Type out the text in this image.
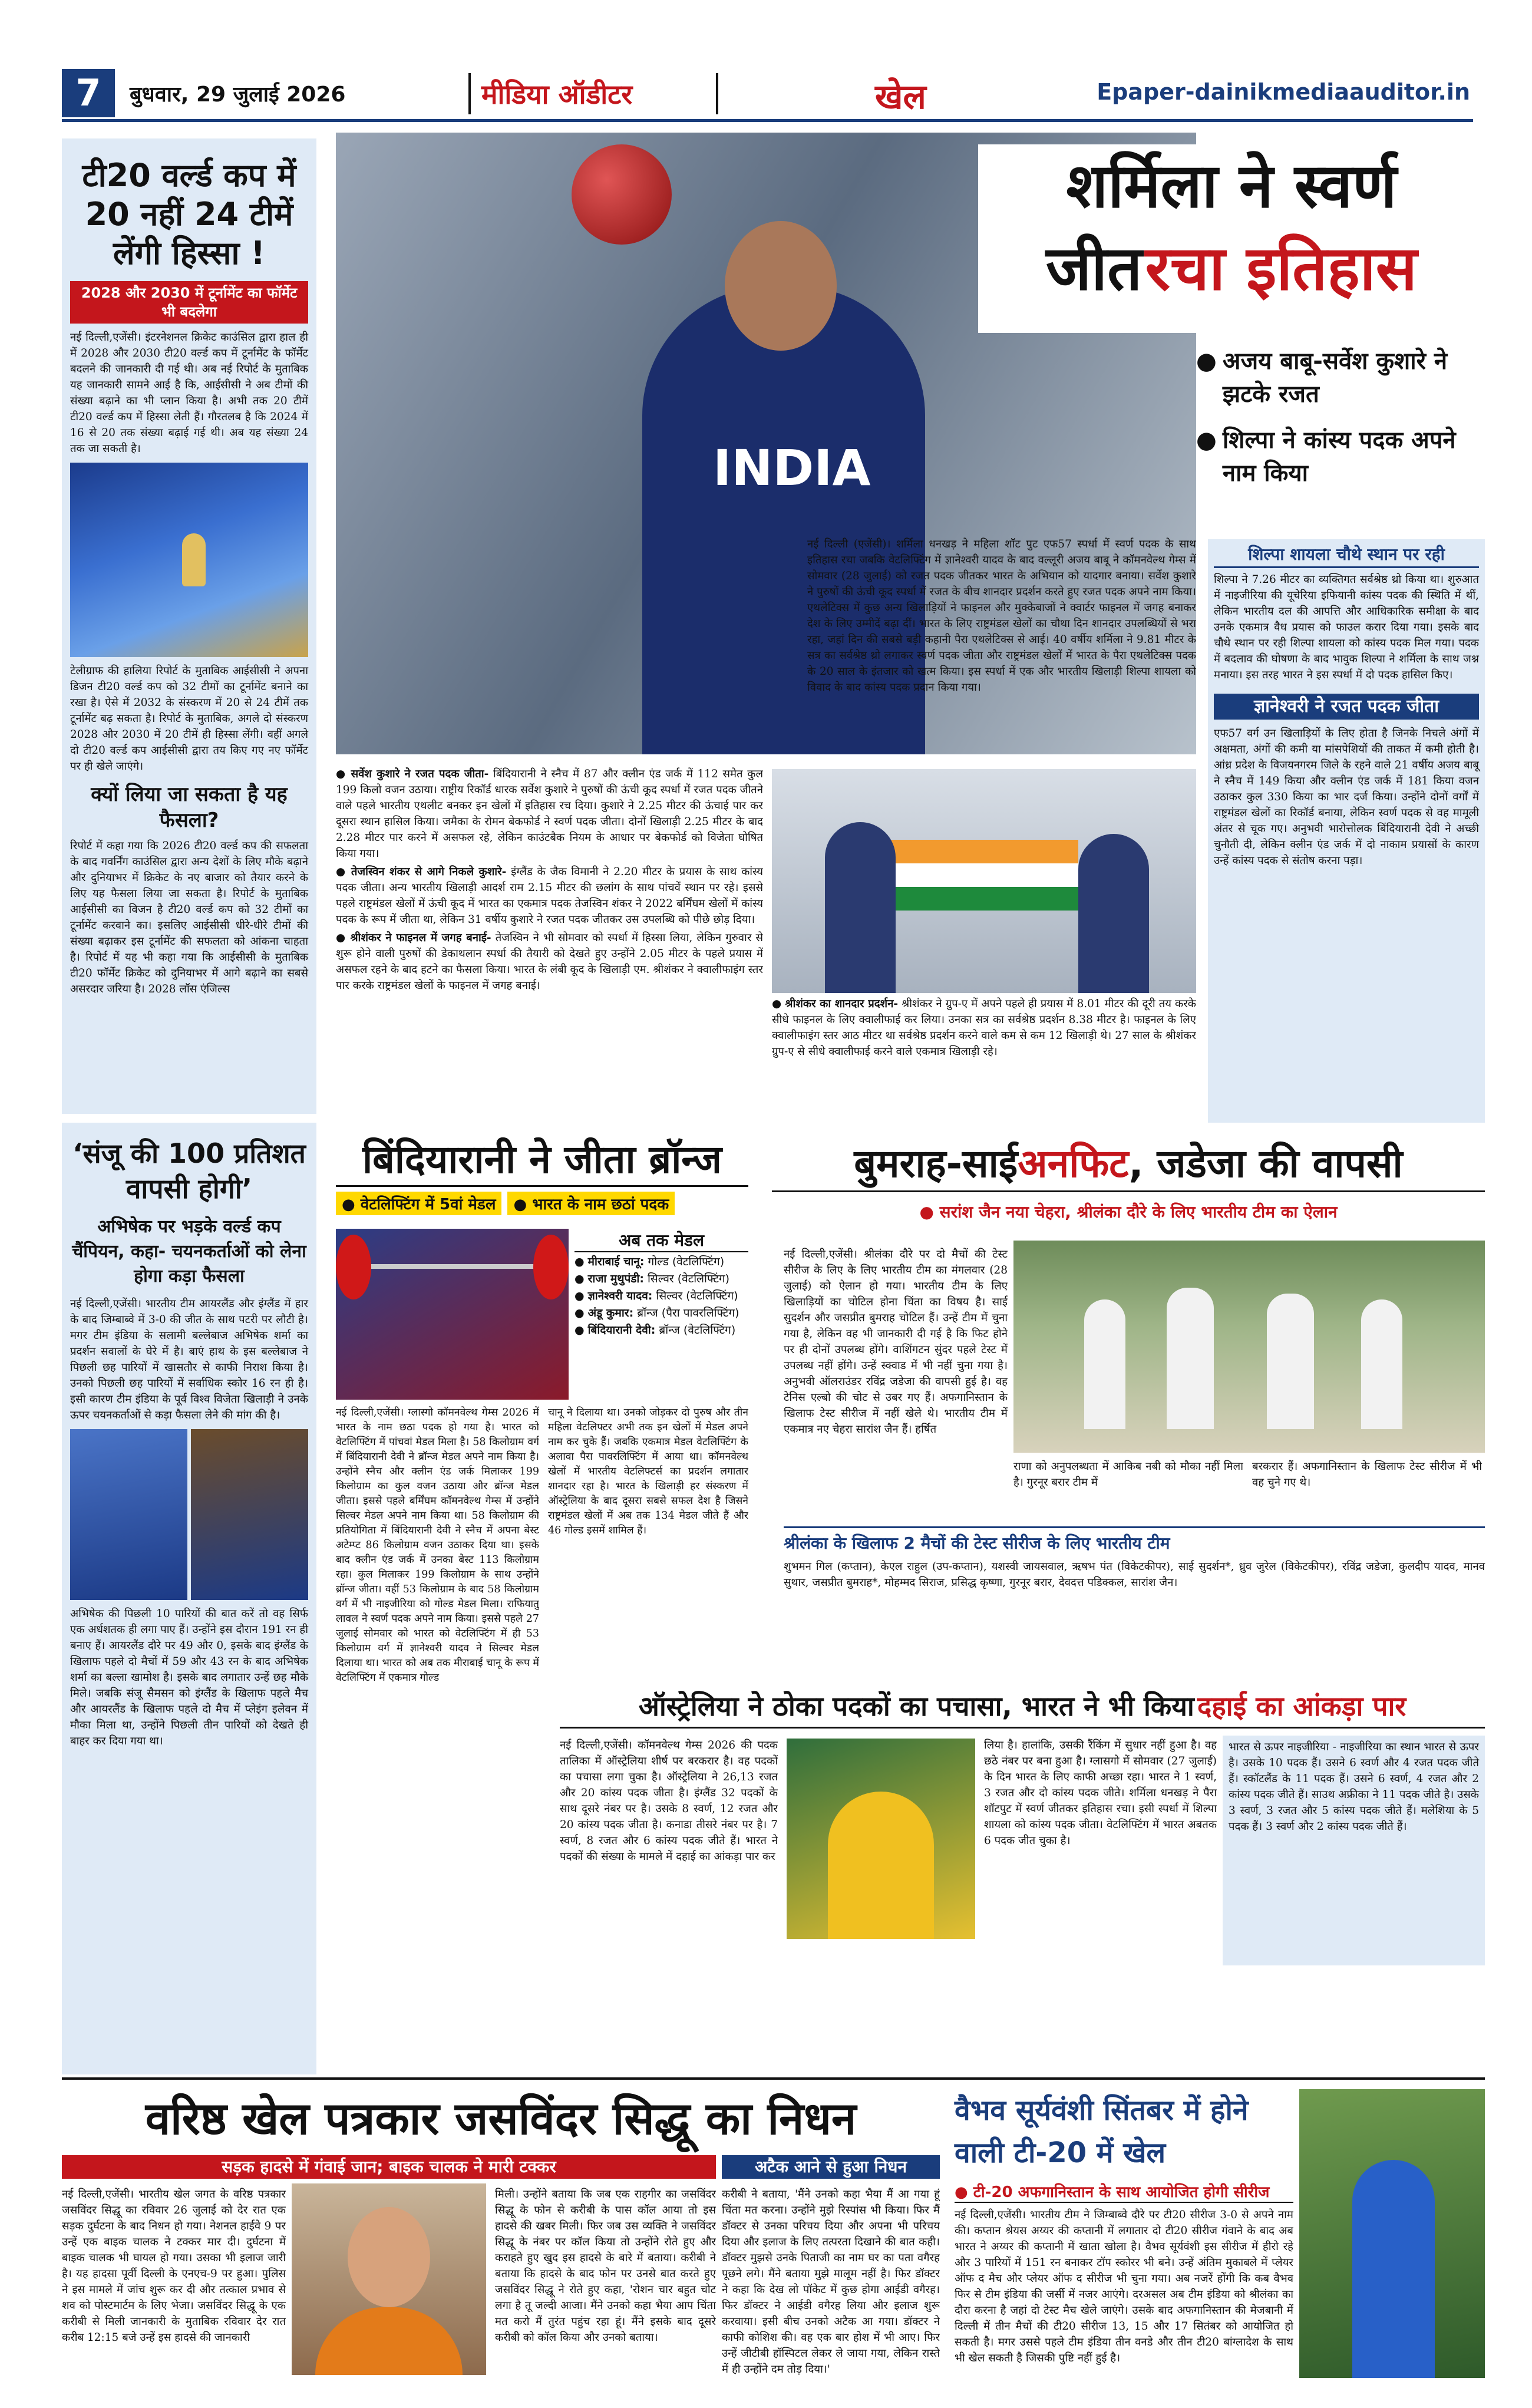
7	बुधवार, 29 जुलाई 2026	मीडिया ऑडीटर	खेल	Epaper-dainikmediaauditor.in
टी20 वर्ल्ड कप में 20 नहीं 24 टीमें लेंगी हिस्सा !
2028 और 2030 में टूर्नामेंट का फॉर्मेट भी बदलेगा
नई दिल्ली,एजेंसी। इंटरनेशनल क्रिकेट काउंसिल द्वारा हाल ही में 2028 और 2030 टी20 वर्ल्ड कप में टूर्नामेंट के फॉर्मेट बदलने की जानकारी दी गई थी। अब नई रिपोर्ट के मुताबिक यह जानकारी सामने आई है कि, आईसीसी ने अब टीमों की संख्या बढ़ाने का भी प्लान किया है। अभी तक 20 टीमें टी20 वर्ल्ड कप में हिस्सा लेती हैं। गौरतलब है कि 2024 में 16 से 20 तक संख्या बढ़ाई गई थी। अब यह संख्या 24 तक जा सकती है।
टेलीग्राफ की हालिया रिपोर्ट के मुताबिक आईसीसी ने अपना डिजन टी20 वर्ल्ड कप को 32 टीमों का टूर्नामेंट बनाने का रखा है। ऐसे में 2032 के संस्करण में 20 से 24 टीमें तक टूर्नामेंट बढ़ सकता है। रिपोर्ट के मुताबिक, अगले दो संस्करण 2028 और 2030 में 20 टीमें ही हिस्सा लेंगी। वहीं अगले दो टी20 वर्ल्ड कप आईसीसी द्वारा तय किए गए नए फॉर्मेट पर ही खेले जाएंगे।
क्यों लिया जा सकता है यह फैसला?
रिपोर्ट में कहा गया कि 2026 टी20 वर्ल्ड कप की सफलता के बाद गवर्निंग काउंसिल द्वारा अन्य देशों के लिए मौके बढ़ाने और दुनियाभर में क्रिकेट के नए बाजार को तैयार करने के लिए यह फैसला लिया जा सकता है। रिपोर्ट के मुताबिक आईसीसी का विजन है टी20 वर्ल्ड कप को 32 टीमों का टूर्नामेंट करवाने का। इसलिए आईसीसी धीरे-धीरे टीमों की संख्या बढ़ाकर इस टूर्नामेंट की सफलता को आंकना चाहता है। रिपोर्ट में यह भी कहा गया कि आईसीसी के मुताबिक टी20 फॉर्मेट क्रिकेट को दुनियाभर में आगे बढ़ाने का सबसे असरदार जरिया है। 2028 लॉस एंजिल्स
‘संजू की 100 प्रतिशत वापसी होगी’
अभिषेक पर भड़के वर्ल्ड कप चैंपियन, कहा- चयनकर्ताओं को लेना होगा कड़ा फैसला
नई दिल्ली,एजेंसी। भारतीय टीम आयरलैंड और इंग्लैंड में हार के बाद जिम्बाब्वे में 3-0 की जीत के साथ पटरी पर लौटी है। मगर टीम इंडिया के सलामी बल्लेबाज अभिषेक शर्मा का प्रदर्शन सवालों के घेरे में है। बाएं हाथ के इस बल्लेबाज ने पिछली छह पारियों में खासतौर से काफी निराश किया है। उनको पिछली छह पारियों में सर्वाधिक स्कोर 16 रन ही है। इसी कारण टीम इंडिया के पूर्व विश्व विजेता खिलाड़ी ने उनके ऊपर चयनकर्ताओं से कड़ा फैसला लेने की मांग की है।
अभिषेक की पिछली 10 पारियों की बात करें तो वह सिर्फ एक अर्धशतक ही लगा पाए हैं। उन्होंने इस दौरान 191 रन ही बनाए हैं। आयरलैंड दौरे पर 49 और 0, इसके बाद इंग्लैंड के खिलाफ पहले दो मैचों में 59 और 43 रन के बाद अभिषेक शर्मा का बल्ला खामोश है। इसके बाद लगातार उन्हें छह मौके मिले। जबकि संजू सैमसन को इंग्लैंड के खिलाफ पहले मैच और आयरलैंड के खिलाफ पहले दो मैच में प्लेइंग इलेवन में मौका मिला था, उन्होंने पिछली तीन पारियों को देखते ही बाहर कर दिया गया था।
INDIA
शर्मिला ने स्वर्ण
जीत रचा इतिहास
● अजय बाबू-सर्वेश कुशारे ने झटके रजत
● शिल्पा ने कांस्य पदक अपने नाम किया
नई दिल्ली (एजेंसी)। शर्मिला धनखड़ ने महिला शॉट पुट एफ57 स्पर्धा में स्वर्ण पदक के साथ इतिहास रचा जबकि वेटलिफ्टिंग में ज्ञानेश्वरी यादव के बाद वल्लूरी अजय बाबू ने कॉमनवेल्थ गेम्स में सोमवार (28 जुलाई) को रजत पदक जीतकर भारत के अभियान को यादगार बनाया। सर्वेश कुशारे ने पुरुषों की ऊंची कूद स्पर्धा में रजत के बीच शानदार प्रदर्शन करते हुए रजत पदक अपने नाम किया। एथलेटिक्स में कुछ अन्य खिलाड़ियों ने फाइनल और मुक्केबाजों ने क्वार्टर फाइनल में जगह बनाकर देश के लिए उम्मीदें बढ़ा दीं। भारत के लिए राष्ट्रमंडल खेलों का चौथा दिन शानदार उपलब्धियों से भरा रहा, जहां दिन की सबसे बड़ी कहानी पैरा एथलेटिक्स से आई। 40 वर्षीय शर्मिला ने 9.81 मीटर के सत्र का सर्वश्रेष्ठ थ्रो लगाकर स्वर्ण पदक जीता और राष्ट्रमंडल खेलों में भारत के पैरा एथलेटिक्स पदक के 20 साल के इंतजार को खत्म किया। इस स्पर्धा में एक और भारतीय खिलाड़ी शिल्पा शायला को विवाद के बाद कांस्य पदक प्रदान किया गया।
शिल्पा शायला चौथे स्थान पर रही
शिल्पा ने 7.26 मीटर का व्यक्तिगत सर्वश्रेष्ठ थ्रो किया था। शुरुआत में नाइजीरिया की यूचेरिया इफियानी कांस्य पदक की स्थिति में थीं, लेकिन भारतीय दल की आपत्ति और आधिकारिक समीक्षा के बाद उनके एकमात्र वैध प्रयास को फाउल करार दिया गया। इसके बाद चौथे स्थान पर रही शिल्पा शायला को कांस्य पदक मिल गया। पदक में बदलाव की घोषणा के बाद भावुक शिल्पा ने शर्मिला के साथ जश्न मनाया। इस तरह भारत ने इस स्पर्धा में दो पदक हासिल किए।
ज्ञानेश्वरी ने रजत पदक जीता
एफ57 वर्ग उन खिलाड़ियों के लिए होता है जिनके निचले अंगों में अक्षमता, अंगों की कमी या मांसपेशियों की ताकत में कमी होती है। आंध्र प्रदेश के विजयनगरम जिले के रहने वाले 21 वर्षीय अजय बाबू ने स्नैच में 149 किया और क्लीन एंड जर्क में 181 किया वजन उठाकर कुल 330 किया का भार दर्ज किया। उन्होंने दोनों वर्गों में राष्ट्रमंडल खेलों का रिकॉर्ड बनाया, लेकिन स्वर्ण पदक से वह मामूली अंतर से चूक गए। अनुभवी भारोत्तोलक बिंदियारानी देवी ने अच्छी चुनौती दी, लेकिन क्लीन एंड जर्क में दो नाकाम प्रयासों के कारण उन्हें कांस्य पदक से संतोष करना पड़ा।

● सर्वेश कुशारे ने रजत पदक जीता- बिंदियारानी ने स्नैच में 87 और क्लीन एंड जर्क में 112 समेत कुल 199 किलो वजन उठाया। राष्ट्रीय रिकॉर्ड धारक सर्वेश कुशारे ने पुरुषों की ऊंची कूद स्पर्धा में रजत पदक जीतने वाले पहले भारतीय एथलीट बनकर इन खेलों में इतिहास रच दिया। कुशारे ने 2.25 मीटर की ऊंचाई पार कर दूसरा स्थान हासिल किया। जमैका के रोमन बेकफोर्ड ने स्वर्ण पदक जीता। दोनों खिलाड़ी 2.25 मीटर के बाद 2.28 मीटर पार करने में असफल रहे, लेकिन काउंटबैक नियम के आधार पर बेकफोर्ड को विजेता घोषित किया गया।

● तेजस्विन शंकर से आगे निकले कुशारे- इंग्लैंड के जैक विमानी ने 2.20 मीटर के प्रयास के साथ कांस्य पदक जीता। अन्य भारतीय खिलाड़ी आदर्श राम 2.15 मीटर की छलांग के साथ पांचवें स्थान पर रहे। इससे पहले राष्ट्रमंडल खेलों में ऊंची कूद में भारत का एकमात्र पदक तेजस्विन शंकर ने 2022 बर्मिंघम खेलों में कांस्य पदक के रूप में जीता था, लेकिन 31 वर्षीय कुशारे ने रजत पदक जीतकर उस उपलब्धि को पीछे छोड़ दिया।

● श्रीशंकर ने फाइनल में जगह बनाई- तेजस्विन ने भी सोमवार को स्पर्धा में हिस्सा लिया, लेकिन गुरुवार से शुरू होने वाली पुरुषों की डेकाथलान स्पर्धा की तैयारी को देखते हुए उन्होंने 2.05 मीटर के पहले प्रयास में असफल रहने के बाद हटने का फैसला किया। भारत के लंबी कूद के खिलाड़ी एम. श्रीशंकर ने क्वालीफाइंग स्तर पार करके राष्ट्रमंडल खेलों के फाइनल में जगह बनाई।

● श्रीशंकर का शानदार प्रदर्शन- श्रीशंकर ने ग्रुप-ए में अपने पहले ही प्रयास में 8.01 मीटर की दूरी तय करके सीधे फाइनल के लिए क्वालीफाई कर लिया। उनका सत्र का सर्वश्रेष्ठ प्रदर्शन 8.38 मीटर है। फाइनल के लिए क्वालीफाइंग स्तर आठ मीटर था सर्वश्रेष्ठ प्रदर्शन करने वाले कम से कम 12 खिलाड़ी थे। 27 साल के श्रीशंकर ग्रुप-ए से सीधे क्वालीफाई करने वाले एकमात्र खिलाड़ी रहे।
बिंदियारानी ने जीता ब्रॉन्ज
● वेटलिफ्टिंग में 5वां मेडल	● भारत के नाम छठां पदक
अब तक मेडल
● मीराबाई चानू: गोल्ड (वेटलिफ्टिंग)
● राजा मुथुपंडी: सिल्वर (वेटलिफ्टिंग)
● ज्ञानेश्वरी यादव: सिल्वर (वेटलिफ्टिंग)
● अंडू कुमार: ब्रॉन्ज (पैरा पावरलिफ्टिंग)
● बिंदियारानी देवी: ब्रॉन्ज (वेटलिफ्टिंग)
नई दिल्ली,एजेंसी। ग्लास्गो कॉमनवेल्थ गेम्स 2026 में भारत के नाम छठा पदक हो गया है। भारत को वेटलिफ्टिंग में पांचवां मेडल मिला है। 58 किलोग्राम वर्ग में बिंदियारानी देवी ने ब्रॉन्ज मेडल अपने नाम किया है। उन्होंने स्नैच और क्लीन एंड जर्क मिलाकर 199 किलोग्राम का कुल वजन उठाया और ब्रॉन्ज मेडल जीता। इससे पहले बर्मिंघम कॉमनवेल्थ गेम्स में उन्होंने सिल्वर मेडल अपने नाम किया था। 58 किलोग्राम की प्रतियोगिता में बिंदियारानी देवी ने स्नैच में अपना बेस्ट अटेम्प्ट 86 किलोग्राम वजन उठाकर दिया था। इसके बाद क्लीन एंड जर्क में उनका बेस्ट 113 किलोग्राम रहा। कुल मिलाकर 199 किलोग्राम के साथ उन्होंने ब्रॉन्ज जीता। वहीं 53 किलोग्राम के बाद 58 किलोग्राम वर्ग में भी नाइजीरिया को गोल्ड मेडल मिला। राफियातु लावल ने स्वर्ण पदक अपने नाम किया। इससे पहले 27 जुलाई सोमवार को भारत को वेटलिफ्टिंग में ही 53 किलोग्राम वर्ग में ज्ञानेश्वरी यादव ने सिल्वर मेडल दिलाया था। भारत को अब तक मीराबाई चानू के रूप में वेटलिफ्टिंग में एकमात्र गोल्ड
चानू ने दिलाया था। उनको जोड़कर दो पुरुष और तीन महिला वेटलिफ्टर अभी तक इन खेलों में मेडल अपने नाम कर चुके हैं। जबकि एकमात्र मेडल वेटलिफ्टिंग के अलावा पैरा पावरलिफ्टिंग में आया था। कॉमनवेल्थ खेलों में भारतीय वेटलिफ्टर्स का प्रदर्शन लगातार शानदार रहा है। भारत के खिलाड़ी हर संस्करण में ऑस्ट्रेलिया के बाद दूसरा सबसे सफल देश है जिसने राष्ट्रमंडल खेलों में अब तक 134 मेडल जीते हैं और 46 गोल्ड इसमें शामिल हैं।
बुमराह-साईअनफिट, जडेजा की वापसी
● सरांश जैन नया चेहरा, श्रीलंका दौरे के लिए भारतीय टीम का ऐलान
नई दिल्ली,एजेंसी। श्रीलंका दौरे पर दो मैचों की टेस्ट सीरीज के लिए के लिए भारतीय टीम का मंगलवार (28 जुलाई) को ऐलान हो गया। भारतीय टीम के लिए खिलाड़ियों का चोटिल होना चिंता का विषय है। साई सुदर्शन और जसप्रीत बुमराह चोटिल हैं। उन्हें टीम में चुना गया है, लेकिन वह भी जानकारी दी गई है कि फिट होने पर ही दोनों उपलब्ध होंगे। वाशिंगटन सुंदर पहले टेस्ट में उपलब्ध नहीं होंगे। उन्हें स्क्वाड में भी नहीं चुना गया है। अनुभवी ऑलराउंडर रविंद्र जडेजा की वापसी हुई है। वह टेनिस एल्बो की चोट से उबर गए हैं। अफगानिस्तान के खिलाफ टेस्ट सीरीज में नहीं खेले थे। भारतीय टीम में एकमात्र नए चेहरा सारांश जैन हैं। हर्षित
राणा को अनुपलब्धता में आकिब नबी को मौका नहीं मिला है। गुरनूर बरार टीम में
बरकरार हैं। अफगानिस्तान के खिलाफ टेस्ट सीरीज में भी वह चुने गए थे।
श्रीलंका के खिलाफ 2 मैचों की टेस्ट सीरीज के लिए भारतीय टीम
शुभमन गिल (कप्तान), केएल राहुल (उप-कप्तान), यशस्वी जायसवाल, ऋषभ पंत (विकेटकीपर), साई सुदर्शन*, ध्रुव जुरेल (विकेटकीपर), रविंद्र जडेजा, कुलदीप यादव, मानव सुथार, जसप्रीत बुमराह*, मोहम्मद सिराज, प्रसिद्ध कृष्णा, गुरनूर बरार, देवदत्त पडिक्कल, सारांश जैन।
ऑस्ट्रेलिया ने ठोका पदकों का पचासा, भारत ने भी किया दहाई का आंकड़ा पार
नई दिल्ली,एजेंसी। कॉमनवेल्थ गेम्स 2026 की पदक तालिका में ऑस्ट्रेलिया शीर्ष पर बरकरार है। वह पदकों का पचासा लगा चुका है। ऑस्ट्रेलिया ने 26,13 रजत और 20 कांस्य पदक जीता है। इंग्लैंड 32 पदकों के साथ दूसरे नंबर पर है। उसके 8 स्वर्ण, 12 रजत और 20 कांस्य पदक जीता है। कनाडा तीसरे नंबर पर है। 7 स्वर्ण, 8 रजत और 6 कांस्य पदक जीते हैं। भारत ने पदकों की संख्या के मामले में दहाई का आंकड़ा पार कर
लिया है। हालांकि, उसकी रैंकिंग में सुधार नहीं हुआ है। वह छठे नंबर पर बना हुआ है। ग्लासगो में सोमवार (27 जुलाई) के दिन भारत के लिए काफी अच्छा रहा। भारत ने 1 स्वर्ण, 3 रजत और दो कांस्य पदक जीते। शर्मिला धनखड़ ने पैरा शॉटपुट में स्वर्ण जीतकर इतिहास रचा। इसी स्पर्धा में शिल्पा शायला को कांस्य पदक जीता। वेटलिफ्टिंग में भारत अबतक 6 पदक जीत चुका है।
भारत से ऊपर नाइजीरिया - नाइजीरिया का स्थान भारत से ऊपर है। उसके 10 पदक हैं। उसने 6 स्वर्ण और 4 रजत पदक जीते हैं। स्कॉटलैंड के 11 पदक हैं। उसने 6 स्वर्ण, 4 रजत और 2 कांस्य पदक जीते हैं। साउथ अफ्रीका ने 11 पदक जीते है। उसके 3 स्वर्ण, 3 रजत और 5 कांस्य पदक जीते हैं। मलेशिया के 5 पदक हैं। 3 स्वर्ण और 2 कांस्य पदक जीते हैं।
वरिष्ठ खेल पत्रकार जसविंदर सिद्धू का निधन
सड़क हादसे में गंवाई जान; बाइक चालक ने मारी टक्कर	अटैक आने से हुआ निधन
नई दिल्ली,एजेंसी। भारतीय खेल जगत के वरिष्ठ पत्रकार जसविंदर सिद्धू का रविवार 26 जुलाई को देर रात एक सड़क दुर्घटना के बाद निधन हो गया। नेशनल हाईवे 9 पर उन्हें एक बाइक चालक ने टक्कर मार दी। दुर्घटना में बाइक चालक भी घायल हो गया। उसका भी इलाज जारी है। यह हादसा पूर्वी दिल्ली के एनएच-9 पर हुआ। पुलिस ने इस मामले में जांच शुरू कर दी और तत्काल प्रभाव से शव को पोस्टमार्टम के लिए भेजा। जसविंदर सिद्धू के एक करीबी से मिली जानकारी के मुताबिक रविवार देर रात करीब 12:15 बजे उन्हें इस हादसे की जानकारी
मिली। उन्होंने बताया कि जब एक राहगीर का जसविंदर सिद्धू के फोन से करीबी के पास कॉल आया तो इस हादसे की खबर मिली। फिर जब उस व्यक्ति ने जसविंदर सिद्धू के नंबर पर कॉल किया तो उन्होंने रोते हुए और कराहते हुए खुद इस हादसे के बारे में बताया। करीबी ने बताया कि हादसे के बाद फोन पर उनसे बात करते हुए जसविंदर सिद्धू ने रोते हुए कहा, 'रोशन चार बहुत चोट लगा है तू जल्दी आजा। मैंने उनको कहा भैया आप चिंता मत करो मैं तुरंत पहुंच रहा हूं। मैंने इसके बाद दूसरे करीबी को कॉल किया और उनको बताया।
करीबी ने बताया, 'मैंने उनको कहा भैया मैं आ गया हूं चिंता मत करना। उन्होंने मुझे रिस्पांस भी किया। फिर मैं डॉक्टर से उनका परिचय दिया और अपना भी परिचय दिया और इलाज के लिए तत्परता दिखाने की बात कही। डॉक्टर मुझसे उनके पिताजी का नाम घर का पता वगैरह पूछने लगे। मैंने बताया मुझे मालूम नहीं है। फिर डॉक्टर ने कहा कि देख लो पॉकेट में कुछ होगा आईडी वगैरह। फिर डॉक्टर ने आईडी वगैरह लिया और इलाज शुरू करवाया। इसी बीच उनको अटैक आ गया। डॉक्टर ने काफी कोशिश की। वह एक बार होश में भी आए। फिर उन्हें जीटीबी हॉस्पिटल लेकर ले जाया गया, लेकिन रास्ते में ही उन्होंने दम तोड़ दिया।'
वैभव सूर्यवंशी सिंतबर में होने वाली टी-20 में खेल
● टी-20 अफगानिस्तान के साथ आयोजित होगी सीरीज
नई दिल्ली,एजेंसी। भारतीय टीम ने जिम्बाब्वे दौरे पर टी20 सीरीज 3-0 से अपने नाम की। कप्तान श्रेयस अय्यर की कप्तानी में लगातार दो टी20 सीरीज गंवाने के बाद अब भारत ने अय्यर की कप्तानी में खाता खोला है। वैभव सूर्यवंशी इस सीरीज में हीरो रहे और 3 पारियों में 151 रन बनाकर टॉप स्कोरर भी बने। उन्हें अंतिम मुकाबले में प्लेयर ऑफ द मैच और प्लेयर ऑफ द सीरीज भी चुना गया। अब नजरें होंगी कि कब वैभव फिर से टीम इंडिया की जर्सी में नजर आएंगे। दरअसल अब टीम इंडिया को श्रीलंका का दौरा करना है जहां दो टेस्ट मैच खेले जाएंगे। उसके बाद अफगानिस्तान की मेजबानी में दिल्ली में तीन मैचों की टी20 सीरीज 13, 15 और 17 सितंबर को आयोजित हो सकती है। मगर उससे पहले टीम इंडिया तीन वनडे और तीन टी20 बांग्लादेश के साथ भी खेल सकती है जिसकी पुष्टि नहीं हुई है।
